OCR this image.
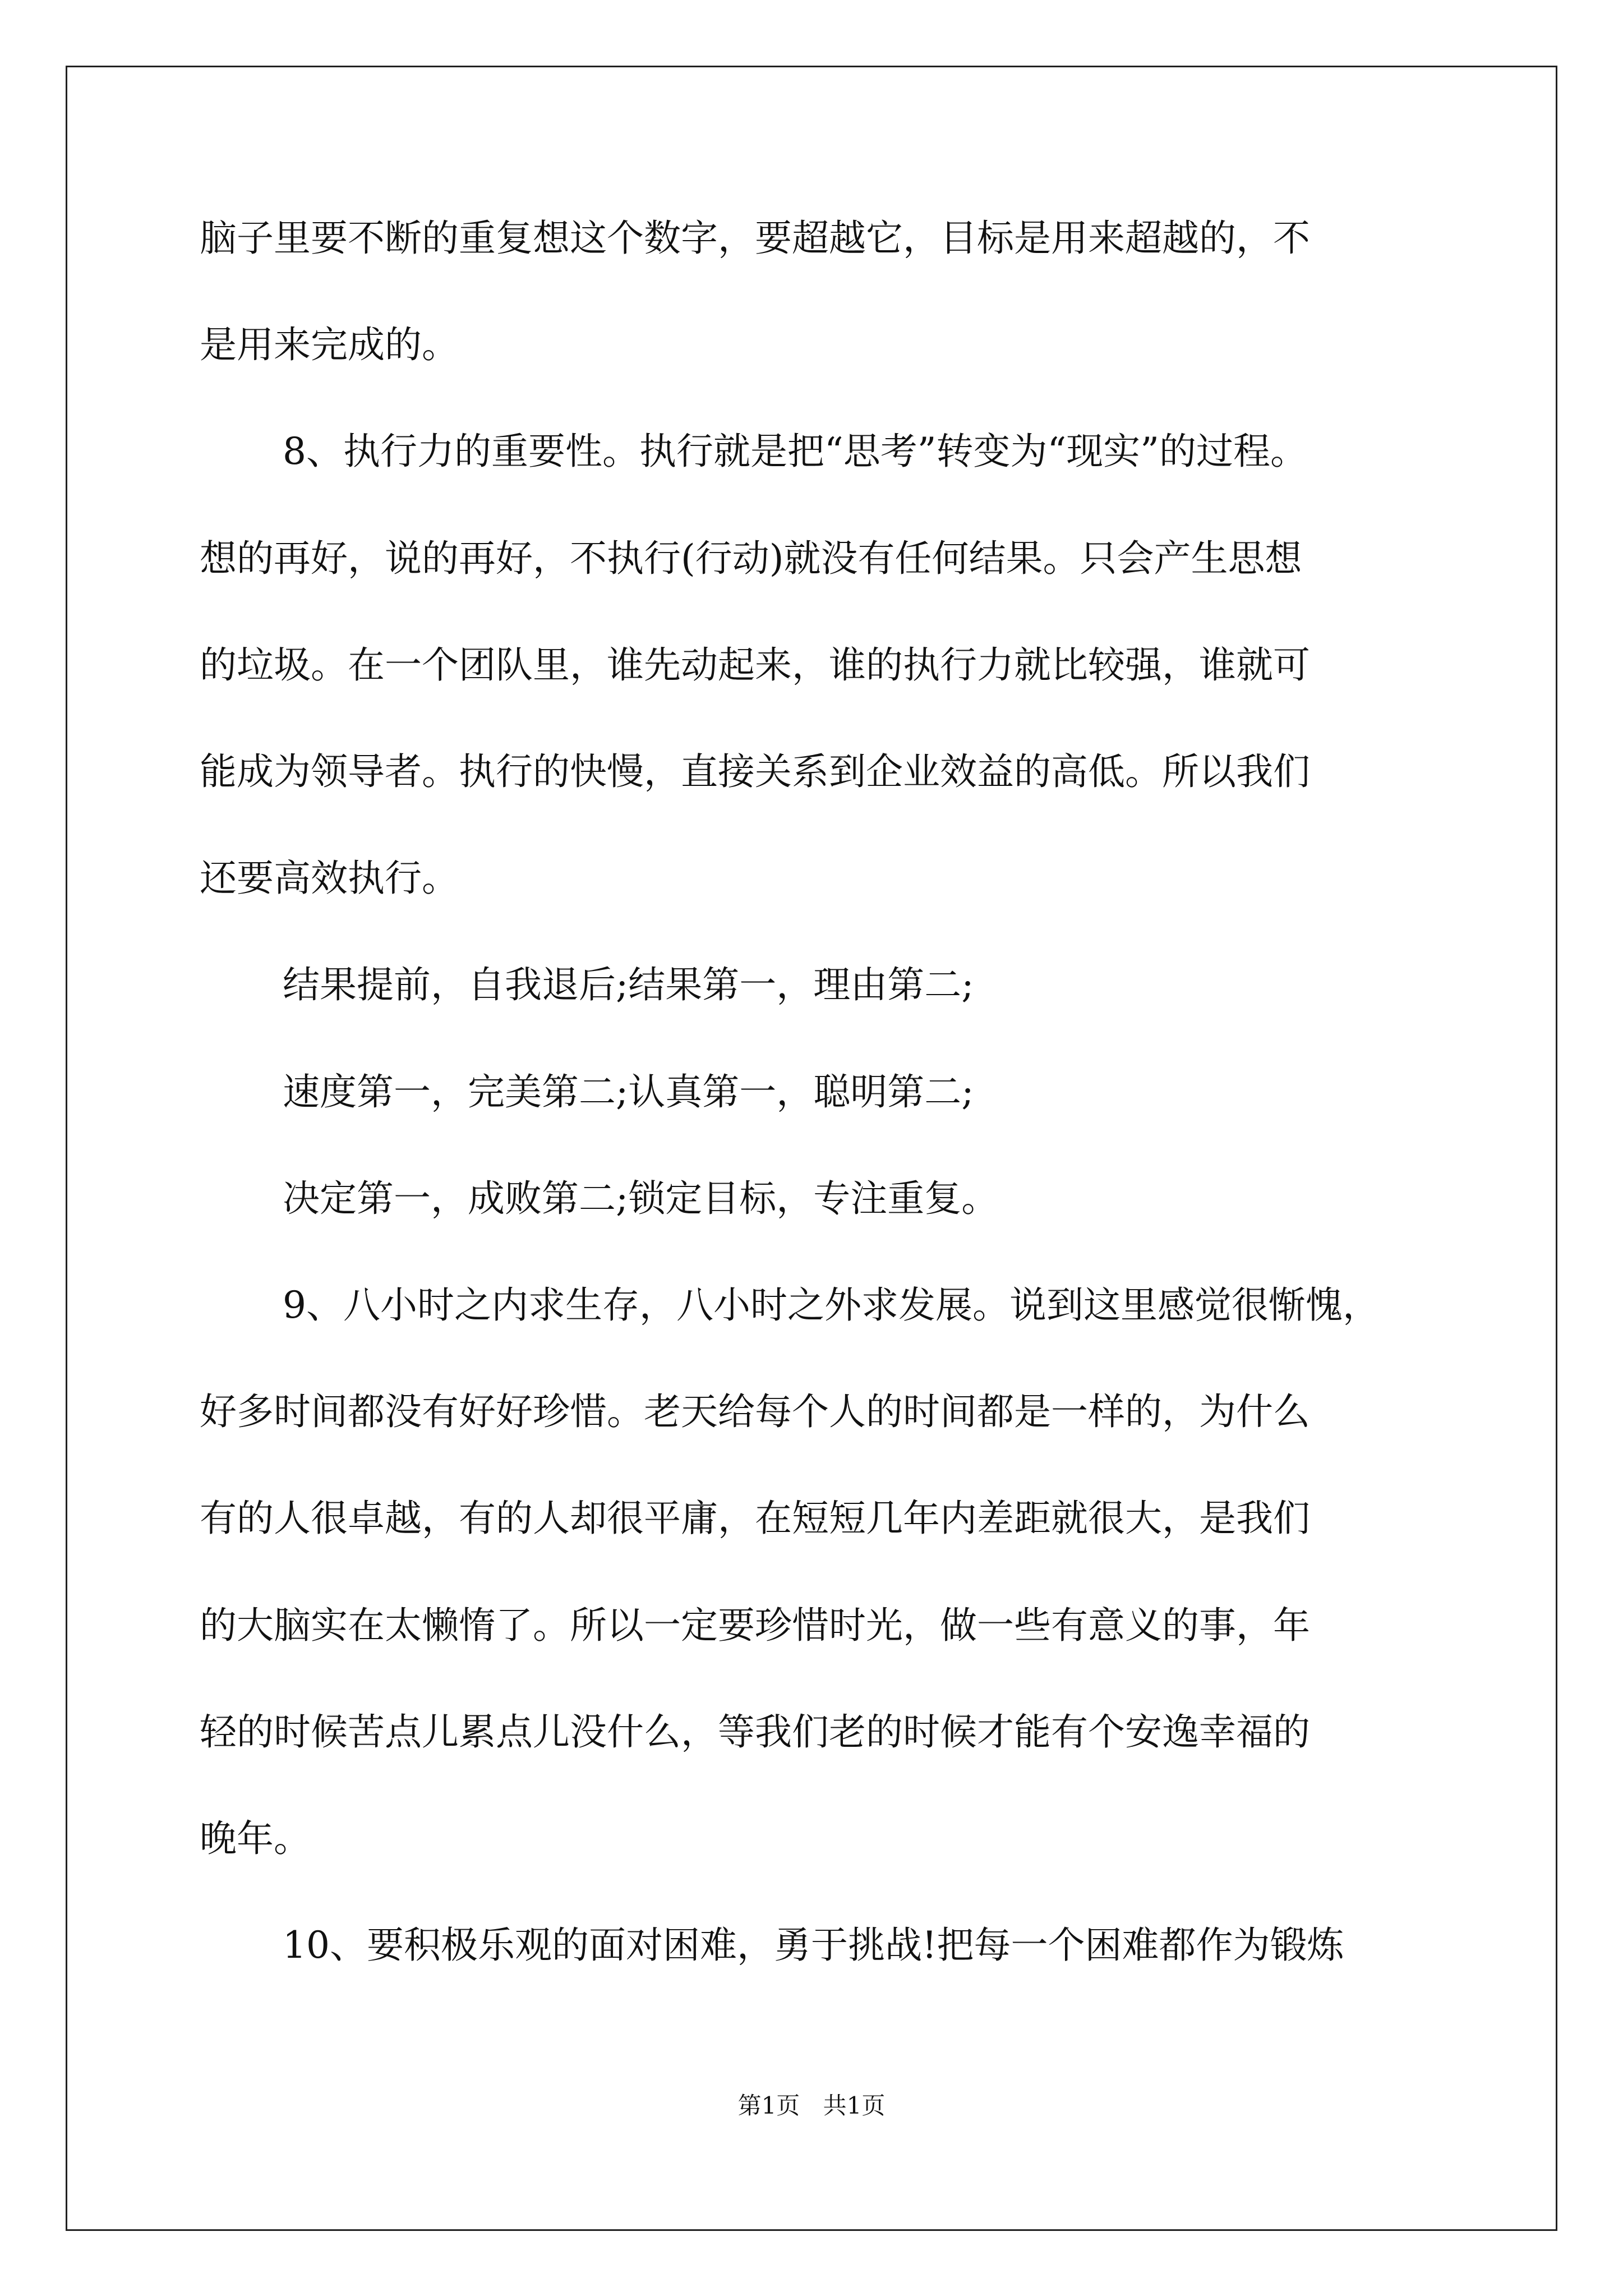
脑子里要不断的重复想这个数字，要超越它，目标是用来超越的，不
是用来完成的。
8、执行力的重要性。执行就是把“思考”转变为“现实”的过程。
想的再好，说的再好，不执行(行动)就没有任何结果。只会产生思想
的垃圾。在一个团队里，谁先动起来，谁的执行力就比较强，谁就可
能成为领导者。执行的快慢，直接关系到企业效益的高低。所以我们
还要高效执行。
结果提前，自我退后;结果第一，理由第二;
速度第一，完美第二;认真第一，聪明第二;
决定第一，成败第二;锁定目标，专注重复。
9、八小时之内求生存，八小时之外求发展。说到这里感觉很惭愧，
好多时间都没有好好珍惜。老天给每个人的时间都是一样的，为什么
有的人很卓越，有的人却很平庸，在短短几年内差距就很大，是我们
的大脑实在太懒惰了。所以一定要珍惜时光，做一些有意义的事，年
轻的时候苦点儿累点儿没什么，等我们老的时候才能有个安逸幸福的
晚年。
10、要积极乐观的面对困难，勇于挑战!把每一个困难都作为锻炼
第1页 共1页
